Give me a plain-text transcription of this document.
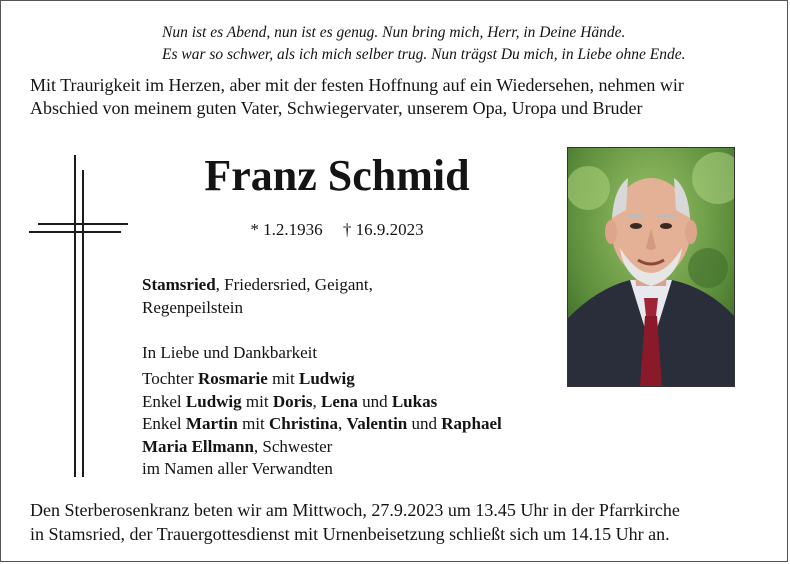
Nun ist es Abend, nun ist es genug. Nun bring mich, Herr, in Deine Hände.
Es war so schwer, als ich mich selber trug. Nun trägst Du mich, in Liebe ohne Ende.
Mit Traurigkeit im Herzen, aber mit der festen Hoffnung auf ein Wiedersehen, nehmen wir
Abschied von meinem guten Vater, Schwiegervater, unserem Opa, Uropa und Bruder
Franz Schmid
* 1.2.1936 † 16.9.2023
Stamsried, Friedersried, Geigant,
Regenpeilstein
In Liebe und Dankbarkeit
Tochter Rosmarie mit Ludwig
Enkel Ludwig mit Doris, Lena und Lukas
Enkel Martin mit Christina, Valentin und Raphael
Maria Ellmann, Schwester
im Namen aller Verwandten
Den Sterberosenkranz beten wir am Mittwoch, 27.9.2023 um 13.45 Uhr in der Pfarrkirche
in Stamsried, der Trauergottesdienst mit Urnenbeisetzung schließt sich um 14.15 Uhr an.
